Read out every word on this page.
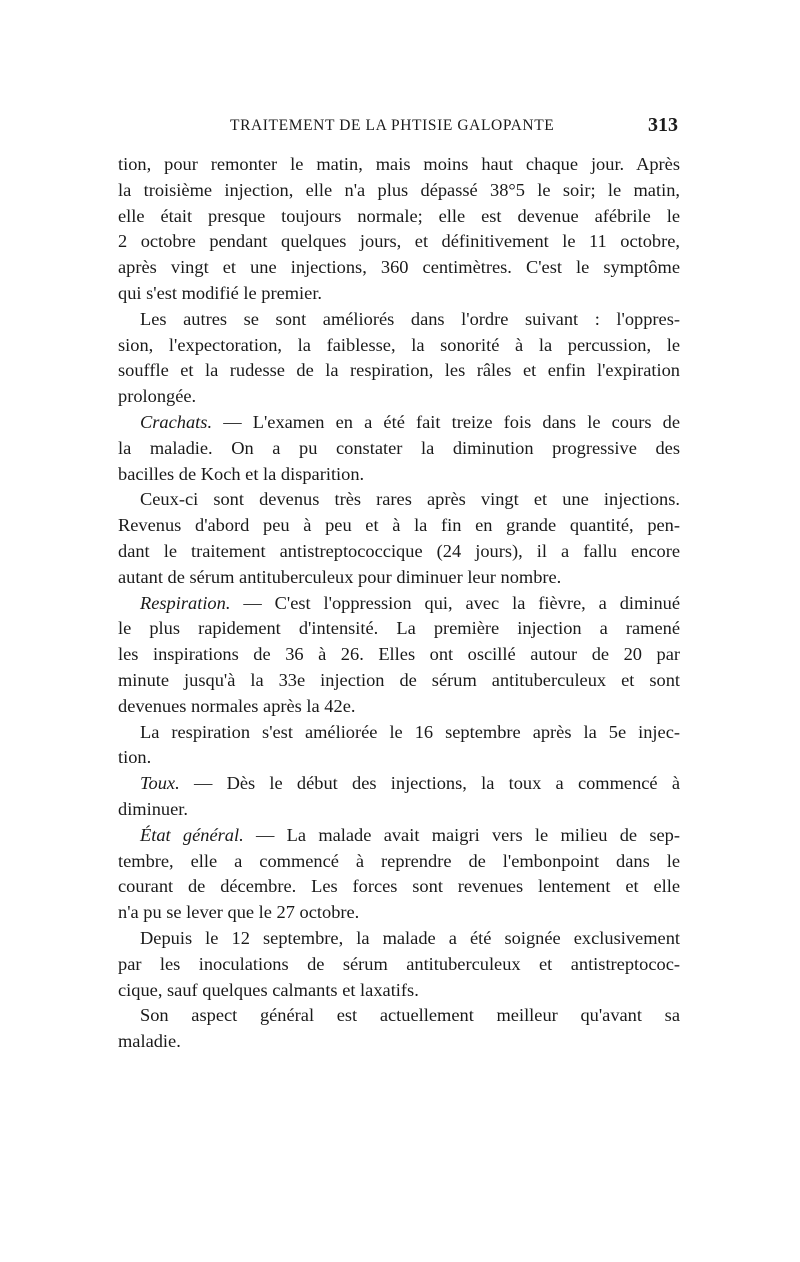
TRAITEMENT DE LA PHTISIE GALOPANTE	313
tion, pour remonter le matin, mais moins haut chaque jour. Après
la troisième injection, elle n'a plus dépassé 38°5 le soir; le matin,
elle était presque toujours normale; elle est devenue afébrile le
2 octobre pendant quelques jours, et définitivement le 11 octobre,
après vingt et une injections, 360 centimètres. C'est le symptôme
qui s'est modifié le premier.
Les autres se sont améliorés dans l'ordre suivant : l'oppres-
sion, l'expectoration, la faiblesse, la sonorité à la percussion, le
souffle et la rudesse de la respiration, les râles et enfin l'expiration
prolongée.
Crachats. — L'examen en a été fait treize fois dans le cours de
la maladie. On a pu constater la diminution progressive des
bacilles de Koch et la disparition.
Ceux-ci sont devenus très rares après vingt et une injections.
Revenus d'abord peu à peu et à la fin en grande quantité, pen-
dant le traitement antistreptococcique (24 jours), il a fallu encore
autant de sérum antituberculeux pour diminuer leur nombre.
Respiration. — C'est l'oppression qui, avec la fièvre, a diminué
le plus rapidement d'intensité. La première injection a ramené
les inspirations de 36 à 26. Elles ont oscillé autour de 20 par
minute jusqu'à la 33e injection de sérum antituberculeux et sont
devenues normales après la 42e.
La respiration s'est améliorée le 16 septembre après la 5e injec-
tion.
Toux. — Dès le début des injections, la toux a commencé à
diminuer.
État général. — La malade avait maigri vers le milieu de sep-
tembre, elle a commencé à reprendre de l'embonpoint dans le
courant de décembre. Les forces sont revenues lentement et elle
n'a pu se lever que le 27 octobre.
Depuis le 12 septembre, la malade a été soignée exclusivement
par les inoculations de sérum antituberculeux et antistreptococ-
cique, sauf quelques calmants et laxatifs.
Son aspect général est actuellement meilleur qu'avant sa
maladie.
